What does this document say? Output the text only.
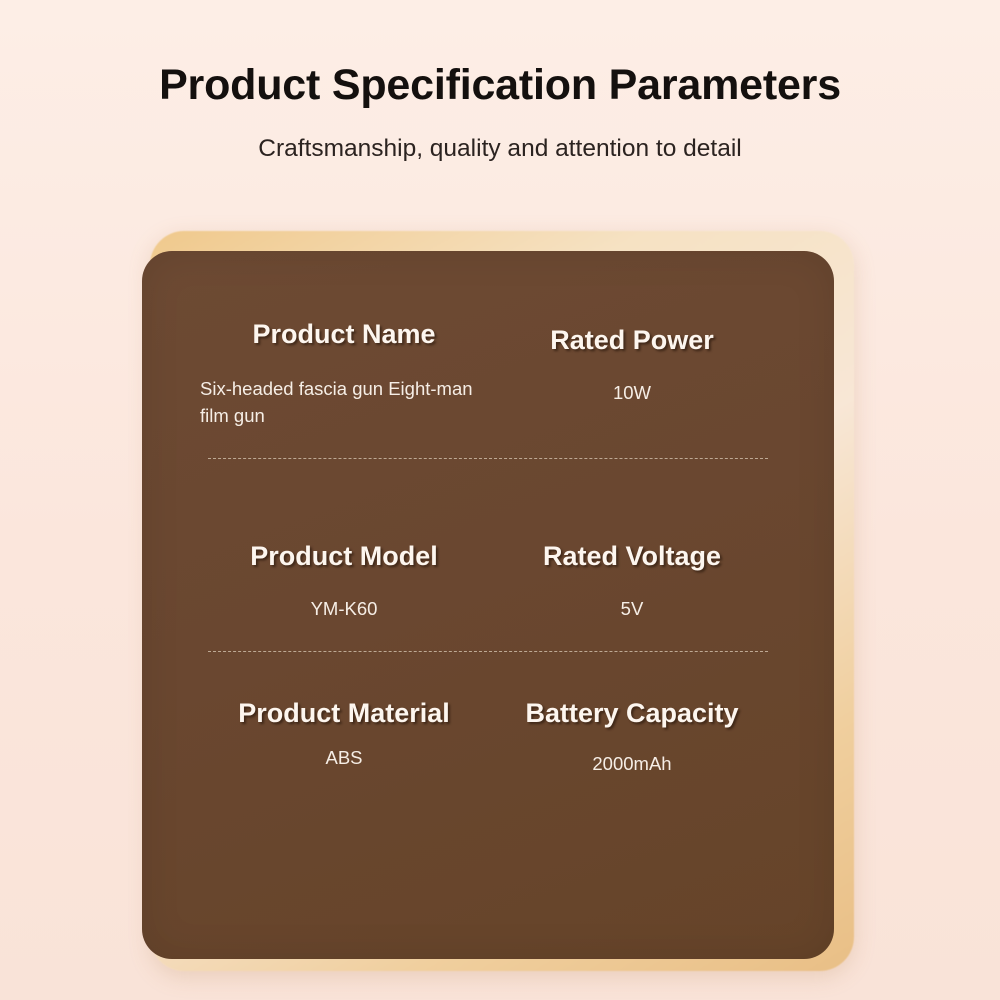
Product Specification Parameters
Craftsmanship, quality and attention to detail
Product Name
Six-headed fascia gun Eight-man film gun
Rated Power
10W
Product Model
YM-K60
Rated Voltage
5V
Product Material
ABS
Battery Capacity
2000mAh
